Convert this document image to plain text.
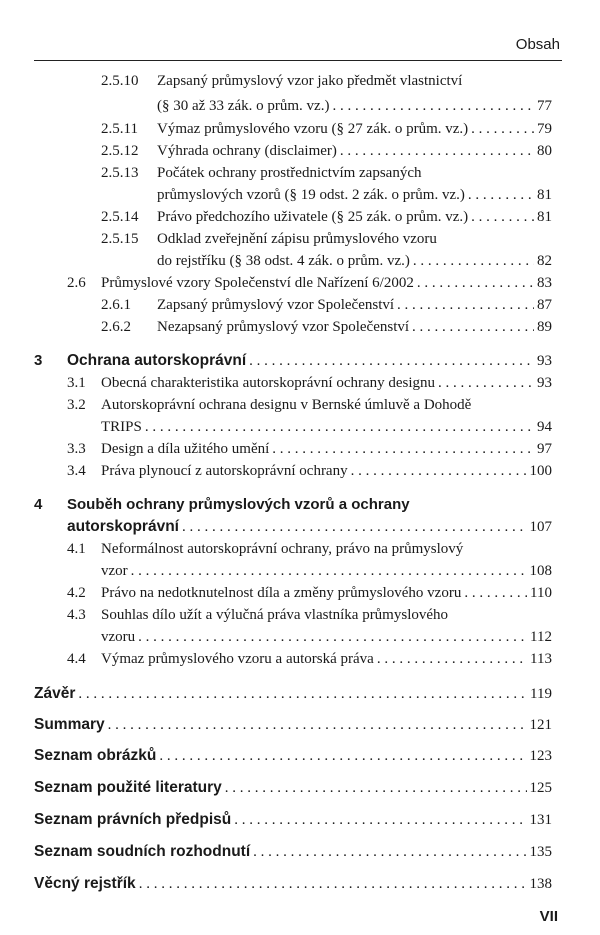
Obsah
2.5.10 Zapsaný průmyslový vzor jako předmět vlastnictví
(§ 30 až 33 zák. o prům. vz.) . . .	77
2.5.11 Výmaz průmyslového vzoru (§ 27 zák. o prům. vz.) . . .	79
2.5.12 Výhrada ochrany (disclaimer) . . .	80
2.5.13 Počátek ochrany prostřednictvím zapsaných
průmyslových vzorů (§ 19 odst. 2 zák. o prům. vz.) . . .	81
2.5.14 Právo předchozího uživatele (§ 25 zák. o prům. vz.) . . .	81
2.5.15 Odklad zveřejnění zápisu průmyslového vzoru
do rejstříku (§ 38 odst. 4 zák. o prům. vz.) . . .	82
2.6 Průmyslové vzory Společenství dle Nařízení 6/2002 . . .	83
2.6.1 Zapsaný průmyslový vzor Společenství . . .	87
2.6.2 Nezapsaný průmyslový vzor Společenství . . .	89
3 Ochrana autorskoprávní . . .	93
3.1 Obecná charakteristika autorskoprávní ochrany designu . . .	93
3.2 Autorskoprávní ochrana designu v Bernské úmluvě a Dohodě
TRIPS . . .	94
3.3 Design a díla užitého umění . . .	97
3.4 Práva plynoucí z autorskoprávní ochrany . . .	100
4 Souběh ochrany průmyslových vzorů a ochrany
autorskoprávní . . .	107
4.1 Neformálnost autorskoprávní ochrany, právo na průmyslový
vzor . . .	108
4.2 Právo na nedotknutelnost díla a změny průmyslového vzoru . . .	110
4.3 Souhlas dílo užít a výlučná práva vlastníka průmyslového
vzoru . . .	112
4.4 Výmaz průmyslového vzoru a autorská práva . . .	113
Závěr . . .	119
Summary . . .	121
Seznam obrázků . . .	123
Seznam použité literatury . . .	125
Seznam právních předpisů . . .	131
Seznam soudních rozhodnutí . . .	135
Věcný rejstřík . . .	138
VII
